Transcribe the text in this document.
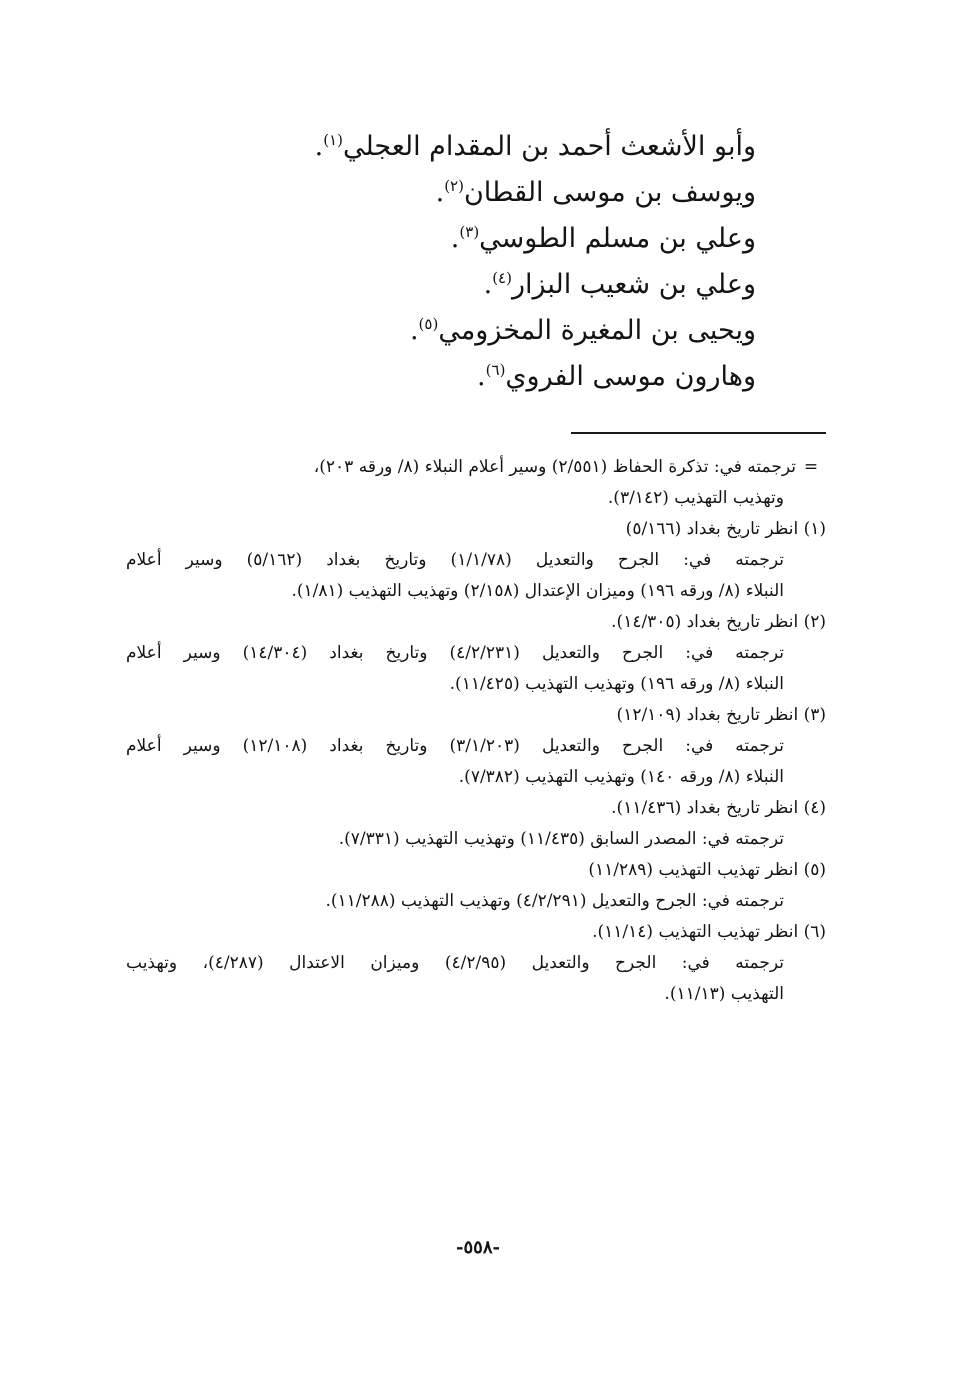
وأبو الأشعث أحمد بن المقدام العجلي$^{(١)}$.
ويوسف بن موسى القطان$^{(٢)}$.
وعلي بن مسلم الطوسي$^{(٣)}$.
وعلي بن شعيب البزار$^{(٤)}$.
ويحيى بن المغيرة المخزومي$^{(٥)}$.
وهارون موسى الفروي$^{(٦)}$.
=ترجمته في: تذكرة الحفاظ (٢/٥٥١) وسير أعلام النبلاء (٨/ ورقه ٢٠٣)،
وتهذيب التهذيب (٣/١٤٢).
(١) انظر تاريخ بغداد (٥/١٦٦)
ترجمته في: الجرح والتعديل (١/١/٧٨) وتاريخ بغداد (٥/١٦٢) وسير أعلام
النبلاء (٨/ ورقه ١٩٦) وميزان الإعتدال (٢/١٥٨) وتهذيب التهذيب (١/٨١).
(٢) انظر تاريخ بغداد (١٤/٣٠٥).
ترجمته في: الجرح والتعديل (٤/٢/٢٣١) وتاريخ بغداد (١٤/٣٠٤) وسير أعلام
النبلاء (٨/ ورقه ١٩٦) وتهذيب التهذيب (١١/٤٢٥).
(٣) انظر تاريخ بغداد (١٢/١٠٩)
ترجمته في: الجرح والتعديل (٣/١/٢٠٣) وتاريخ بغداد (١٢/١٠٨) وسير أعلام
النبلاء (٨/ ورقه ١٤٠) وتهذيب التهذيب (٧/٣٨٢).
(٤) انظر تاريخ بغداد (١١/٤٣٦).
ترجمته في: المصدر السابق (١١/٤٣٥) وتهذيب التهذيب (٧/٣٣١).
(٥) انظر تهذيب التهذيب (١١/٢٨٩)
ترجمته في: الجرح والتعديل (٤/٢/٢٩١) وتهذيب التهذيب (١١/٢٨٨).
(٦) انظر تهذيب التهذيب (١١/١٤).
ترجمته في: الجرح والتعديل (٤/٢/٩٥) وميزان الاعتدال (٤/٢٨٧)، وتهذيب
التهذيب (١١/١٣).
-٥٥٨-
